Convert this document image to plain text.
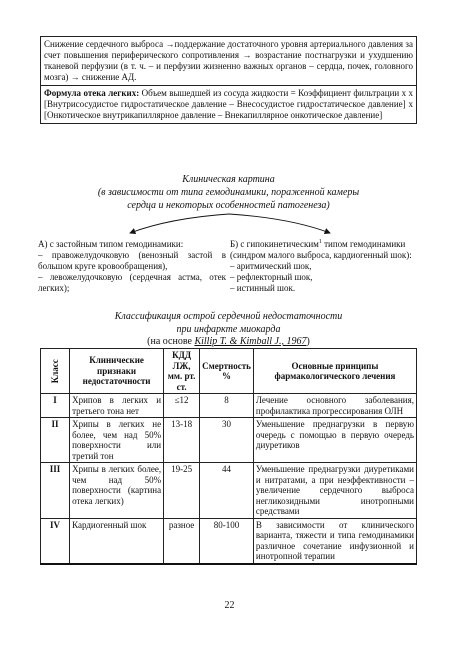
Снижение сердечного выброса →поддержание достаточного уровня артериального давления за счет повышения периферического сопротивления → возрастание постнагрузки и ухудшению тканевой перфузии (в т. ч. – и перфузии жизненно важных органов – сердца, почек, головного мозга) → снижение АД.

Формула отека легких: Объем вышедшей из сосуда жидкости = Коэффициент фильтрации x x [Внутрисосудистое гидростатическое давление – Внесосудистое гидростатическое давление] x [Онкотическое внутрикапиллярное давление – Внекапиллярное онкотическое давление]

Клиническая картина
(в зависимости от типа гемодинамики, пораженной камеры
сердца и некоторых особенностей патогенеза)
А) с застойным типом гемодинамики:
– правожелудочковую (венозный застой в большом круге кровообращения),
– левожелудочковую (сердечная астма, отек легких);
Б) с гипокинетическим$^1$ типом гемодинамики (синдром малого выброса, кардиогенный шок):
– аритмический шок,
– рефлекторный шок,
– истинный шок.
Классификация острой сердечной недостаточности
при инфаркте миокарда
(на основе Killip T. & Kimball J., 1967)
Класс	Клинические признаки недостаточности	КДД ЛЖ, мм. рт. ст.	Смертность %	Основные принципы фармакологического лечения
I	Хрипов в легких и третьего тона нет	≤12	8	Лечение основного заболевания, профилактика прогрессирования ОЛН
II	Хрипы в легких не более, чем над 50% поверхности или третий тон	13-18	30	Уменьшение преднагрузки в первую очередь с помощью в первую очередь диуретиков
III	Хрипы в легких более, чем над 50% поверхности (картина отека легких)	19-25	44	Уменьшение преднагрузки диуретиками и нитратами, а при неэффективности – увеличение сердечного выброса негликозидными инотропными средствами
IV	Кардиогенный шок	разное	80-100	В зависимости от клинического варианта, тяжести и типа гемодинамики различное сочетание инфузионной и инотропной терапии
22
